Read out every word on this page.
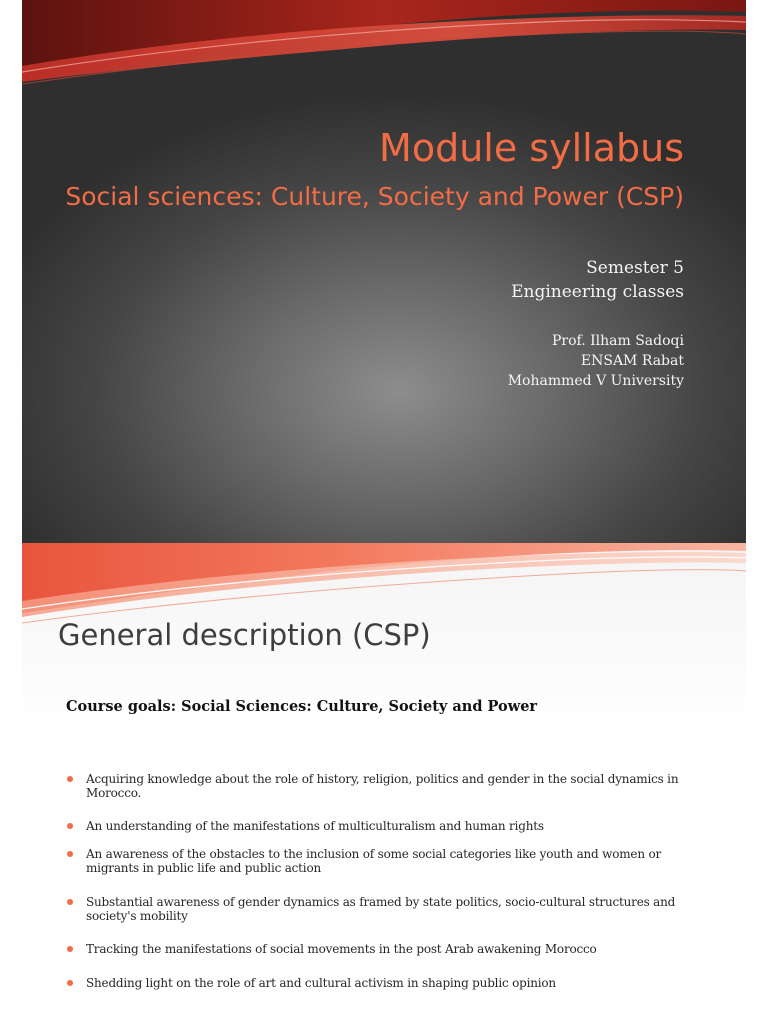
Module syllabus
Social sciences: Culture, Society and Power (CSP)
Semester 5
Engineering classes
Prof. Ilham Sadoqi
ENSAM Rabat
Mohammed V University
General description (CSP)
Course goals: Social Sciences: Culture, Society and Power
Acquiring knowledge about the role of history, religion, politics and gender in the social dynamics in Morocco.
An understanding of the manifestations of multiculturalism and human rights
An awareness of the obstacles to the inclusion of some social categories like youth and women or migrants in public life and public action
Substantial awareness of gender dynamics as framed by state politics, socio-cultural structures and society's mobility
Tracking the manifestations of social movements in the post Arab awakening Morocco
Shedding light on the role of art and cultural activism in shaping public opinion
